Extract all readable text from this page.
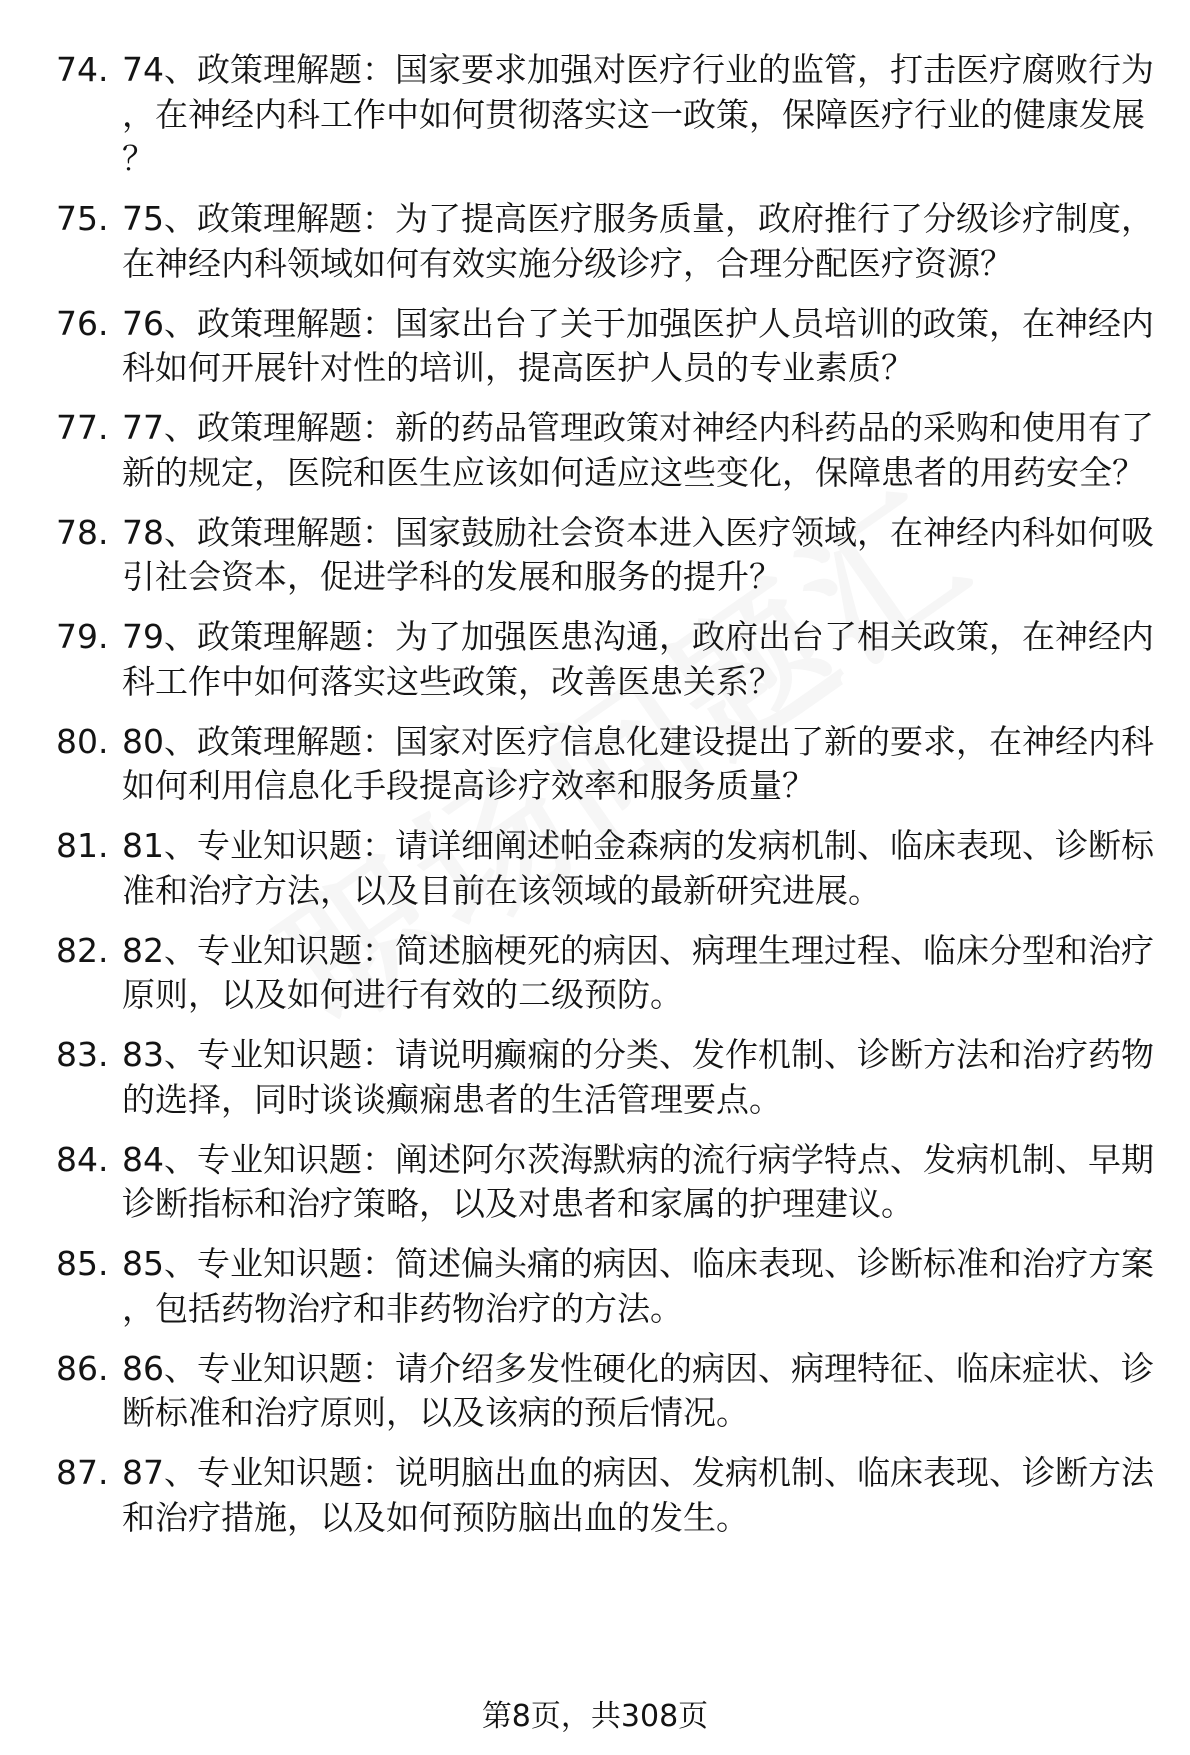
74. 74、政策理解题：国家要求加强对医疗行业的监管，打击医疗腐败行为，在神经内科工作中如何贯彻落实这一政策，保障医疗行业的健康发展？
75. 75、政策理解题：为了提高医疗服务质量，政府推行了分级诊疗制度，在神经内科领域如何有效实施分级诊疗，合理分配医疗资源？
76. 76、政策理解题：国家出台了关于加强医护人员培训的政策，在神经内科如何开展针对性的培训，提高医护人员的专业素质？
77. 77、政策理解题：新的药品管理政策对神经内科药品的采购和使用有了新的规定，医院和医生应该如何适应这些变化，保障患者的用药安全？
78. 78、政策理解题：国家鼓励社会资本进入医疗领域，在神经内科如何吸引社会资本，促进学科的发展和服务的提升？
79. 79、政策理解题：为了加强医患沟通，政府出台了相关政策，在神经内科工作中如何落实这些政策，改善医患关系？
80. 80、政策理解题：国家对医疗信息化建设提出了新的要求，在神经内科如何利用信息化手段提高诊疗效率和服务质量？
81. 81、专业知识题：请详细阐述帕金森病的发病机制、临床表现、诊断标准和治疗方法，以及目前在该领域的最新研究进展。
82. 82、专业知识题：简述脑梗死的病因、病理生理过程、临床分型和治疗原则，以及如何进行有效的二级预防。
83. 83、专业知识题：请说明癫痫的分类、发作机制、诊断方法和治疗药物的选择，同时谈谈癫痫患者的生活管理要点。
84. 84、专业知识题：阐述阿尔茨海默病的流行病学特点、发病机制、早期诊断指标和治疗策略，以及对患者和家属的护理建议。
85. 85、专业知识题：简述偏头痛的病因、临床表现、诊断标准和治疗方案，包括药物治疗和非药物治疗的方法。
86. 86、专业知识题：请介绍多发性硬化的病因、病理特征、临床症状、诊断标准和治疗原则，以及该病的预后情况。
87. 87、专业知识题：说明脑出血的病因、发病机制、临床表现、诊断方法和治疗措施，以及如何预防脑出血的发生。
第8页，共308页
